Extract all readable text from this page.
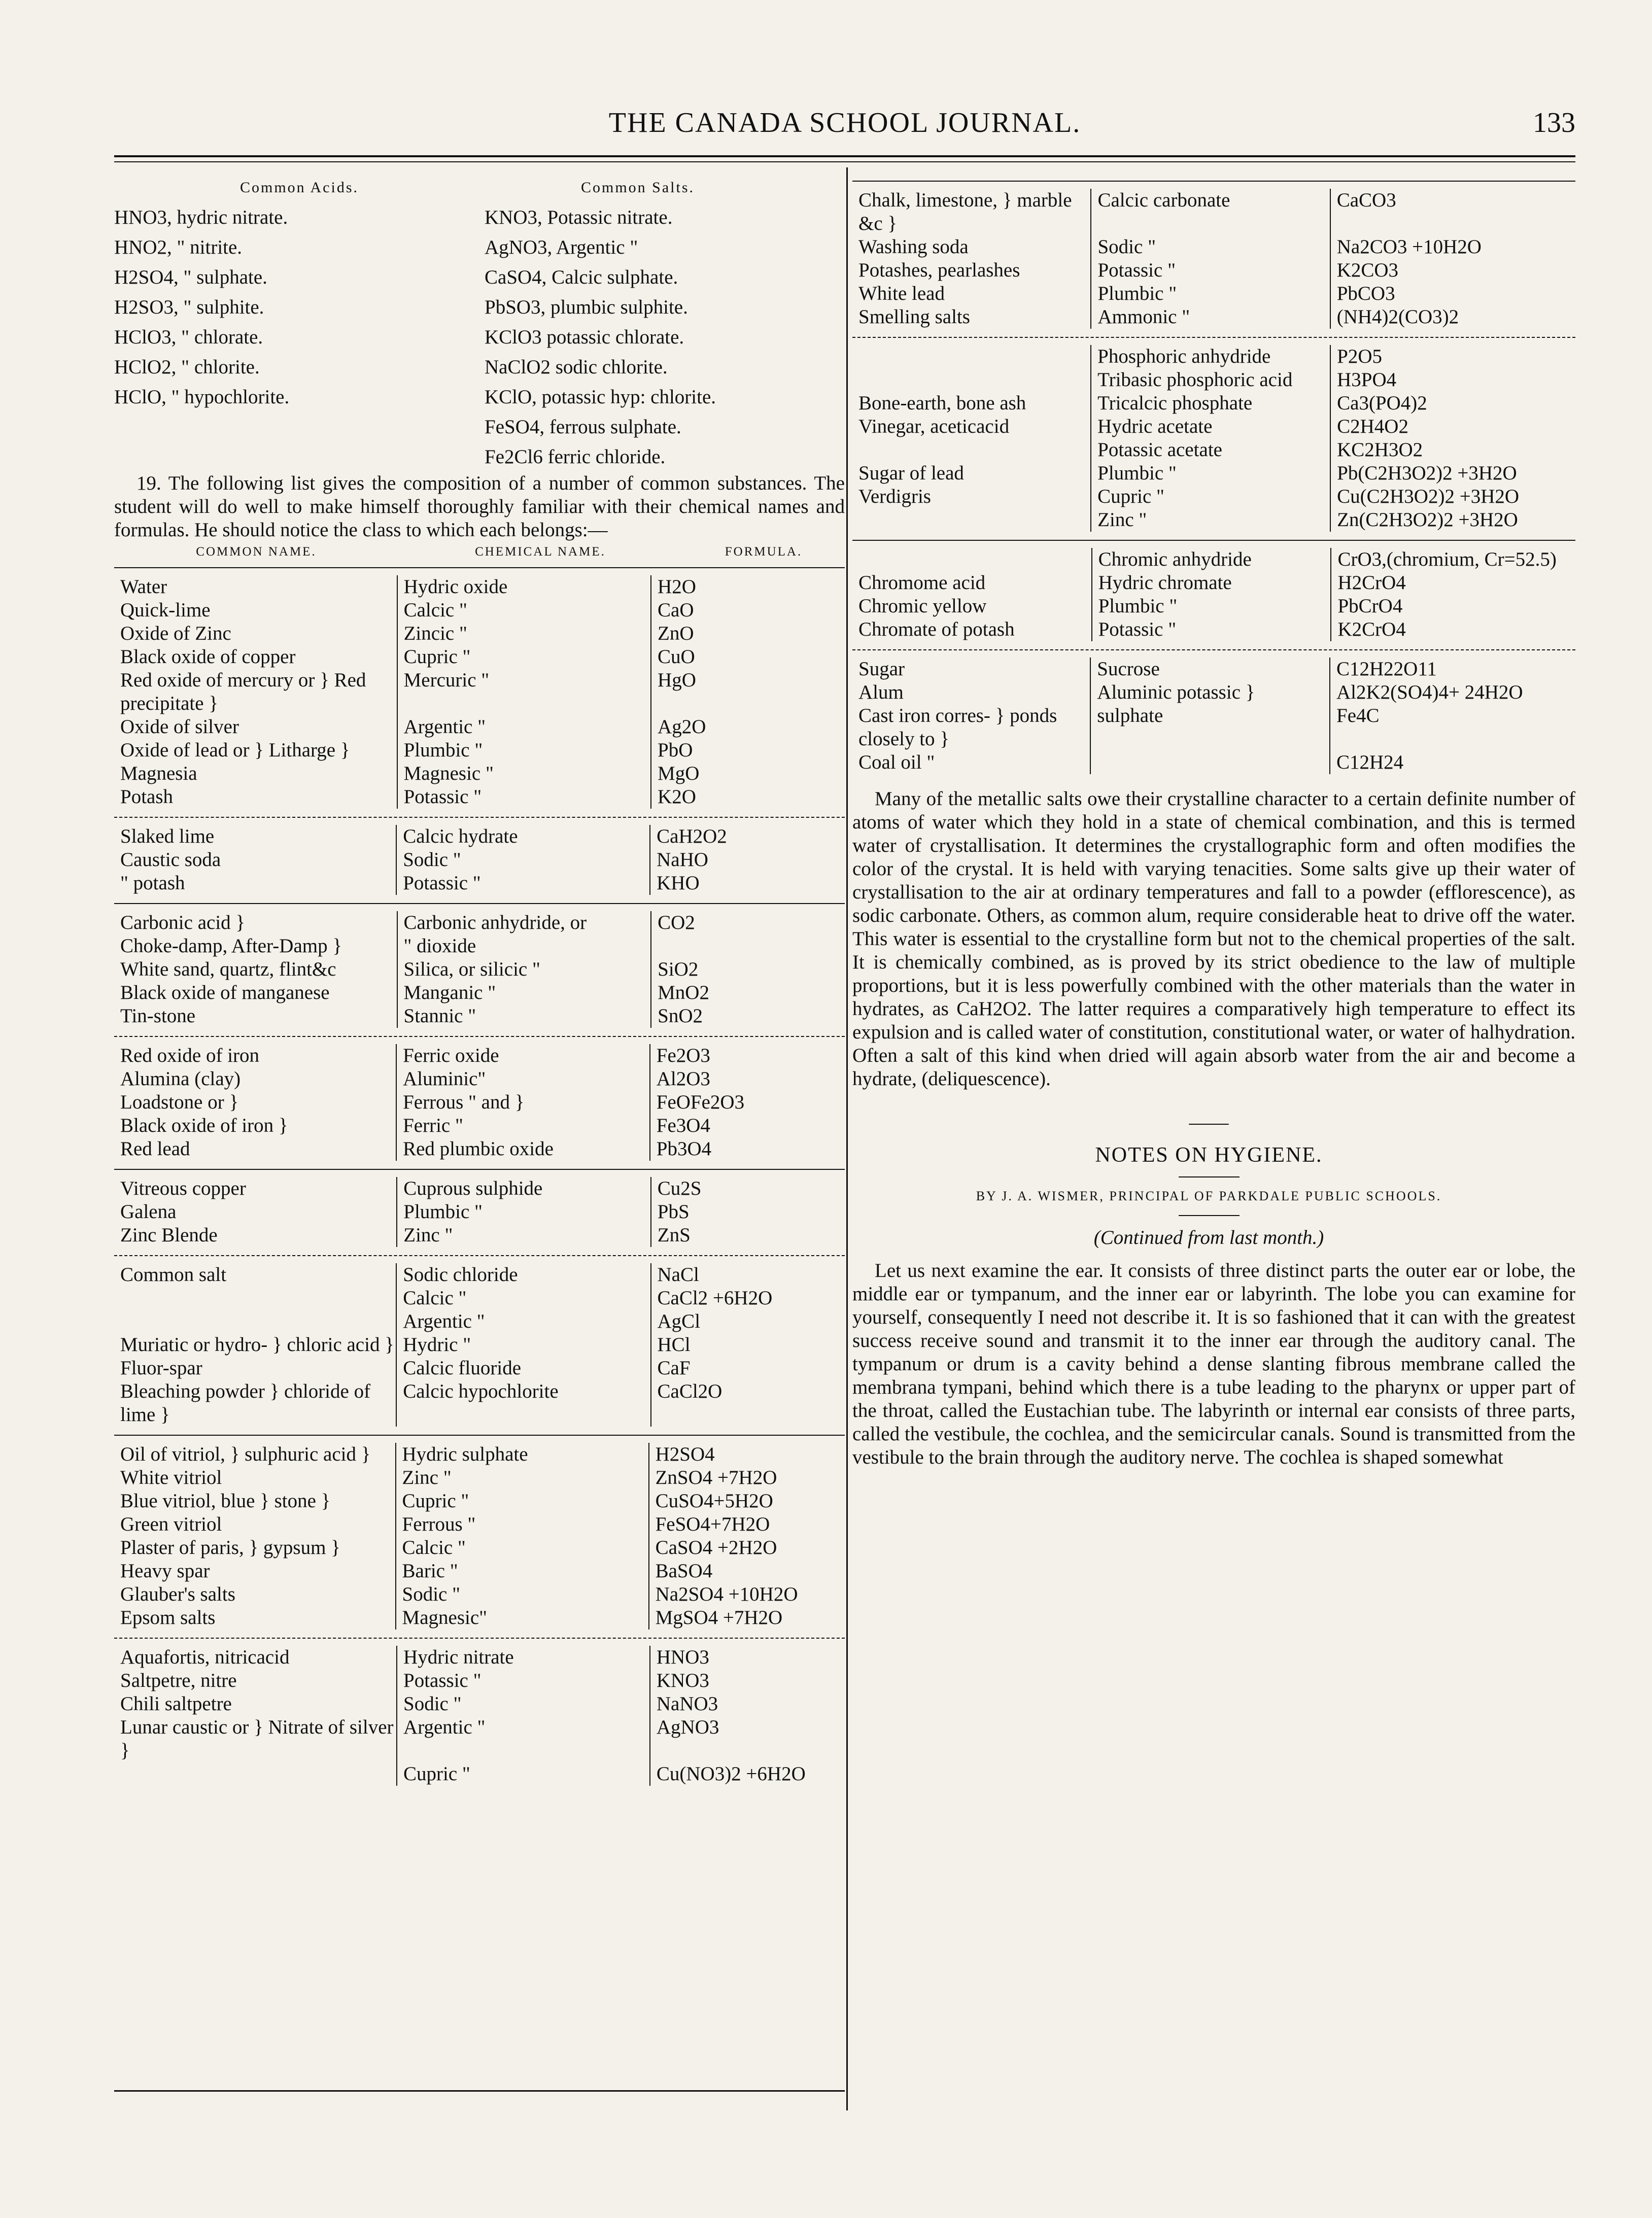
THE CANADA SCHOOL JOURNAL.	133
Common Acids.
HNO3, hydric nitrate.
HNO2, " nitrite.
H2SO4, " sulphate.
H2SO3, " sulphite.
HClO3, " chlorate.
HClO2, " chlorite.
HClO, " hypochlorite.
Common Salts.
KNO3, Potassic nitrate.
AgNO3, Argentic "
CaSO4, Calcic sulphate.
PbSO3, plumbic sulphite.
KClO3 potassic chlorate.
NaClO2 sodic chlorite.
KClO, potassic hyp: chlorite.
FeSO4, ferrous sulphate.
Fe2Cl6 ferric chloride.

19. The following list gives the composition of a number of common substances. The student will do well to make himself thoroughly familiar with their chemical names and formulas. He should notice the class to which each belongs:—

COMMON NAME.	CHEMICAL NAME.	FORMULA.
Water	Hydric oxide	H2O
Quick-lime	Calcic "	CaO
Oxide of Zinc	Zincic "	ZnO
Black oxide of copper	Cupric "	CuO
Red oxide of mercury or } Red precipitate }	Mercuric "	HgO
Oxide of silver	Argentic "	Ag2O
Oxide of lead or } Litharge }	Plumbic "	PbO
Magnesia	Magnesic "	MgO
Potash	Potassic "	K2O
Slaked lime	Calcic hydrate	CaH2O2
Caustic soda	Sodic "	NaHO
" potash	Potassic "	KHO
Carbonic acid }	Carbonic anhydride, or	CO2
Choke-damp, After-Damp }	" dioxide	
White sand, quartz, flint&c	Silica, or silicic "	SiO2
Black oxide of manganese	Manganic "	MnO2
Tin-stone	Stannic "	SnO2
Red oxide of iron	Ferric oxide	Fe2O3
Alumina (clay)	Aluminic"	Al2O3
Loadstone or }	Ferrous " and }	FeOFe2O3
Black oxide of iron }	Ferric "	Fe3O4
Red lead	Red plumbic oxide	Pb3O4
Vitreous copper	Cuprous sulphide	Cu2S
Galena	Plumbic "	PbS
Zinc Blende	Zinc "	ZnS
Common salt	Sodic chloride	NaCl
	Calcic "	CaCl2 +6H2O
	Argentic "	AgCl
Muriatic or hydro- } chloric acid }	Hydric "	HCl
Fluor-spar	Calcic fluoride	CaF
Bleaching powder } chloride of lime }	Calcic hypochlorite	CaCl2O
Oil of vitriol, } sulphuric acid }	Hydric sulphate	H2SO4
White vitriol	Zinc "	ZnSO4 +7H2O
Blue vitriol, blue } stone }	Cupric "	CuSO4+5H2O
Green vitriol	Ferrous "	FeSO4+7H2O
Plaster of paris, } gypsum }	Calcic "	CaSO4 +2H2O
Heavy spar	Baric "	BaSO4
Glauber's salts	Sodic "	Na2SO4 +10H2O
Epsom salts	Magnesic"	MgSO4 +7H2O
Aquafortis, nitricacid	Hydric nitrate	HNO3
Saltpetre, nitre	Potassic "	KNO3
Chili saltpetre	Sodic "	NaNO3
Lunar caustic or } Nitrate of silver }	Argentic "	AgNO3
	Cupric "	Cu(NO3)2 +6H2O
Chalk, limestone, } marble &c }	Calcic carbonate	CaCO3
Washing soda	Sodic "	Na2CO3 +10H2O
Potashes, pearlashes	Potassic "	K2CO3
White lead	Plumbic "	PbCO3
Smelling salts	Ammonic "	(NH4)2(CO3)2
	Phosphoric anhydride	P2O5
	Tribasic phosphoric acid	H3PO4
Bone-earth, bone ash	Tricalcic phosphate	Ca3(PO4)2
Vinegar, aceticacid	Hydric acetate	C2H4O2
	Potassic acetate	KC2H3O2
Sugar of lead	Plumbic "	Pb(C2H3O2)2 +3H2O
Verdigris	Cupric "	Cu(C2H3O2)2 +3H2O
	Zinc "	Zn(C2H3O2)2 +3H2O
	Chromic anhydride	CrO3,(chromium, Cr=52.5)
Chromome acid	Hydric chromate	H2CrO4
Chromic yellow	Plumbic "	PbCrO4
Chromate of potash	Potassic "	K2CrO4
Sugar	Sucrose	C12H22O11
Alum	Aluminic potassic }	Al2K2(SO4)4+ 24H2O
Cast iron corres- } ponds closely to }	sulphate	Fe4C
Coal oil "		C12H24

Many of the metallic salts owe their crystalline character to a certain definite number of atoms of water which they hold in a state of chemical combination, and this is termed water of crystallisation. It determines the crystallographic form and often modifies the color of the crystal. It is held with varying tenacities. Some salts give up their water of crystallisation to the air at ordinary temperatures and fall to a powder (efflorescence), as sodic carbonate. Others, as common alum, require considerable heat to drive off the water. This water is essential to the crystalline form but not to the chemical properties of the salt. It is chemically combined, as is proved by its strict obedience to the law of multiple proportions, but it is less powerfully combined with the other materials than the water in hydrates, as CaH2O2. The latter requires a comparatively high temperature to effect its expulsion and is called water of constitution, constitutional water, or water of halhydration. Often a salt of this kind when dried will again absorb water from the air and become a hydrate, (deliquescence).

——
NOTES ON HYGIENE.
BY J. A. WISMER, PRINCIPAL OF PARKDALE PUBLIC SCHOOLS.
(Continued from last month.)

Let us next examine the ear. It consists of three distinct parts the outer ear or lobe, the middle ear or tympanum, and the inner ear or labyrinth. The lobe you can examine for yourself, consequently I need not describe it. It is so fashioned that it can with the greatest success receive sound and transmit it to the inner ear through the auditory canal. The tympanum or drum is a cavity behind a dense slanting fibrous membrane called the membrana tympani, behind which there is a tube leading to the pharynx or upper part of the throat, called the Eustachian tube. The labyrinth or internal ear consists of three parts, called the vestibule, the cochlea, and the semicircular canals. Sound is transmitted from the vestibule to the brain through the auditory nerve. The cochlea is shaped somewhat
